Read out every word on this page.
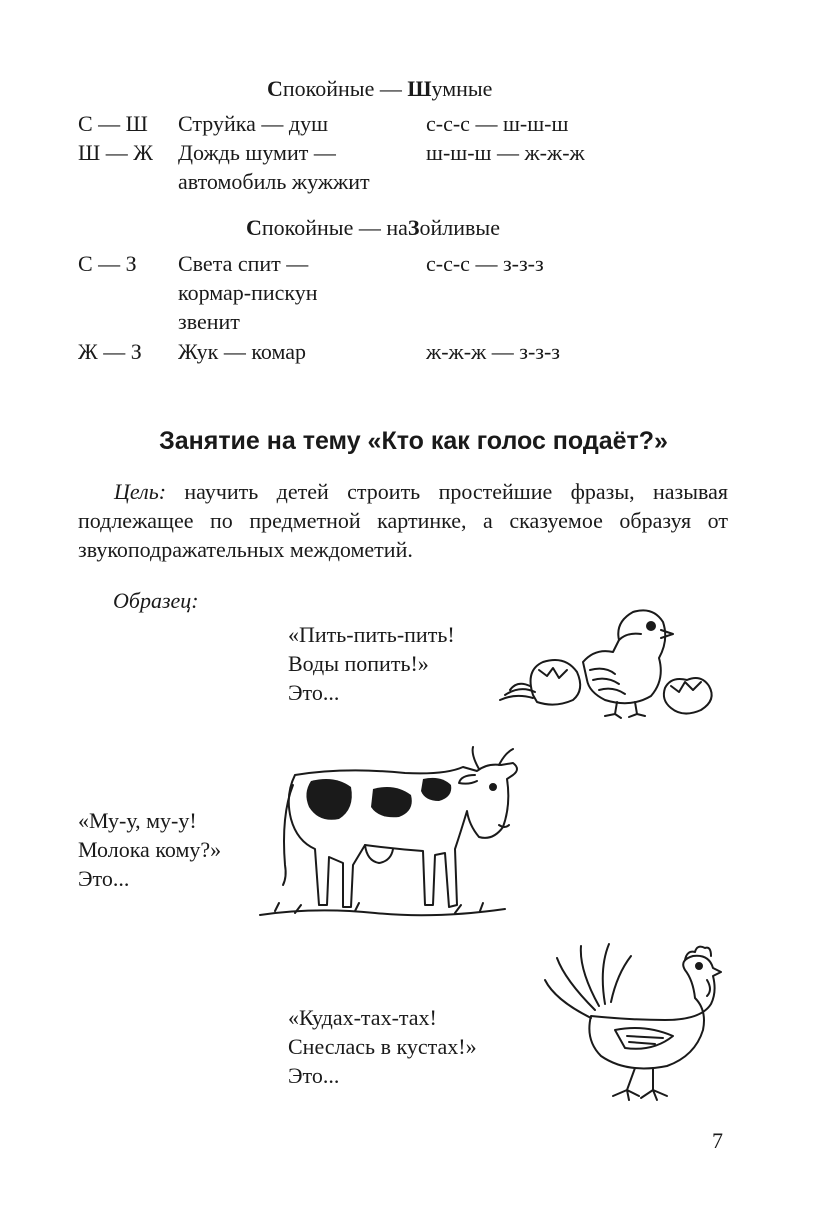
Спокойные — Шумные
С — Ш Струйка — душ	с-с-с — ш-ш-ш
Ш — Ж Дождь шумит —
автомобиль жужжит
ш-ш-ш — ж-ж-ж
Спокойные — наЗойливые
С — З Света спит —
кормар-пискун
звенит
с-с-с — з-з-з
Ж — З Жук — комар	ж-ж-ж — з-з-з
Занятие на тему «Кто как голос подаёт?»
Цель: научить детей строить простейшие фразы, называя подлежащее по предметной картинке, а сказуемое образуя от звукоподражательных междометий.
Образец:
«Пить-пить-пить!
Воды попить!»
Это...
«Му-у, му-у!
Молока кому?»
Это...
«Кудах-тах-тах!
Снеслась в кустах!»
Это...
7
